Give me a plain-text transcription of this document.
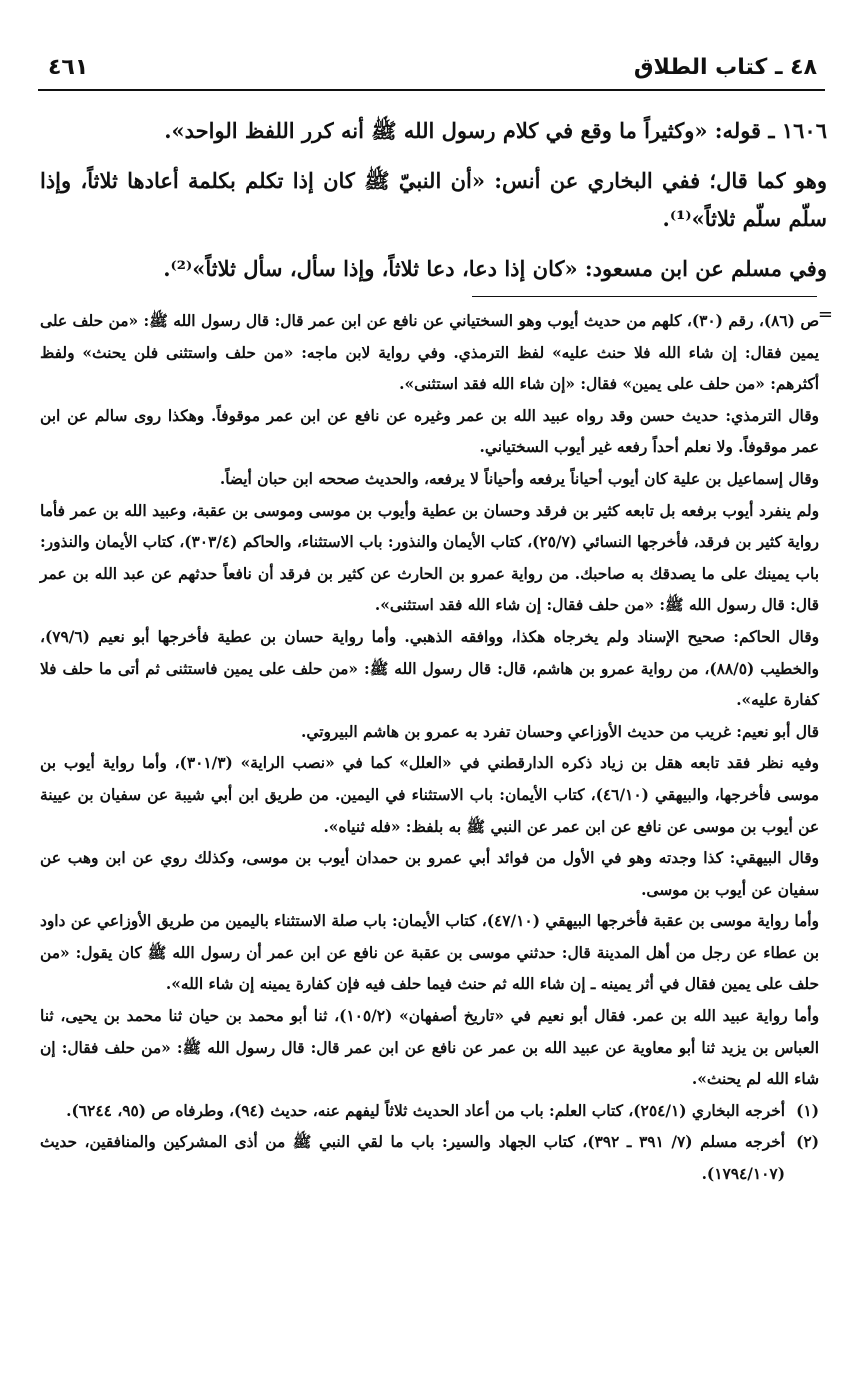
٤٨ ـ كتاب الطلاق
٤٦١

١٦٠٦ ـ قوله: «وكثيراً ما وقع في كلام رسول الله ﷺ أنه كرر اللفظ الواحد».

وهو كما قال؛ ففي البخاري عن أنس: «أن النبيّ ﷺ كان إذا تكلم بكلمة أعادها ثلاثاً، وإذا سلّم سلّم ثلاثاً»⁽¹⁾.

وفي مسلم عن ابن مسعود: «كان إذا دعا، دعا ثلاثاً، وإذا سأل، سأل ثلاثاً»⁽²⁾.

=

ص (٨٦)، رقم (٣٠)، كلهم من حديث أيوب وهو السختياني عن نافع عن ابن عمر قال: قال رسول الله ﷺ: «من حلف على يمين فقال: إن شاء الله فلا حنث عليه» لفظ الترمذي. وفي رواية لابن ماجه: «من حلف واستثنى فلن يحنث» ولفظ أكثرهم: «من حلف على يمين» فقال: «إن شاء الله فقد استثنى».

وقال الترمذي: حديث حسن وقد رواه عبيد الله بن عمر وغيره عن نافع عن ابن عمر موقوفاً. وهكذا روى سالم عن ابن عمر موقوفاً. ولا نعلم أحداً رفعه غير أيوب السختياني.

وقال إسماعيل بن علية كان أيوب أحياناً يرفعه وأحياناً لا يرفعه، والحديث صححه ابن حبان أيضاً.

ولم ينفرد أيوب برفعه بل تابعه كثير بن فرقد وحسان بن عطية وأيوب بن موسى وموسى بن عقبة، وعبيد الله بن عمر فأما رواية كثير بن فرقد، فأخرجها النسائي (٢٥/٧)، كتاب الأيمان والنذور: باب الاستثناء، والحاكم (٣٠٣/٤)، كتاب الأيمان والنذور: باب يمينك على ما يصدقك به صاحبك. من رواية عمرو بن الحارث عن كثير بن فرقد أن نافعاً حدثهم عن عبد الله بن عمر قال: قال رسول الله ﷺ: «من حلف فقال: إن شاء الله فقد استثنى».

وقال الحاكم: صحيح الإسناد ولم يخرجاه هكذا، ووافقه الذهبي. وأما رواية حسان بن عطية فأخرجها أبو نعيم (٧٩/٦)، والخطيب (٨٨/٥)، من رواية عمرو بن هاشم، قال: قال رسول الله ﷺ: «من حلف على يمين فاستثنى ثم أتى ما حلف فلا كفارة عليه».

قال أبو نعيم: غريب من حديث الأوزاعي وحسان تفرد به عمرو بن هاشم البيروتي.

وفيه نظر فقد تابعه هقل بن زياد ذكره الدارقطني في «العلل» كما في «نصب الراية» (٣٠١/٣)، وأما رواية أيوب بن موسى فأخرجها، والبيهقي (٤٦/١٠)، كتاب الأيمان: باب الاستثناء في اليمين. من طريق ابن أبي شيبة عن سفيان بن عيينة عن أيوب بن موسى عن نافع عن ابن عمر عن النبي ﷺ به بلفظ: «فله ثنياه».

وقال البيهقي: كذا وجدته وهو في الأول من فوائد أبي عمرو بن حمدان أيوب بن موسى، وكذلك روي عن ابن وهب عن سفيان عن أيوب بن موسى.

وأما رواية موسى بن عقبة فأخرجها البيهقي (٤٧/١٠)، كتاب الأيمان: باب صلة الاستثناء باليمين من طريق الأوزاعي عن داود بن عطاء عن رجل من أهل المدينة قال: حدثني موسى بن عقبة عن نافع عن ابن عمر أن رسول الله ﷺ كان يقول: «من حلف على يمين فقال في أثر يمينه ـ إن شاء الله ثم حنث فيما حلف فيه فإن كفارة يمينه إن شاء الله».

وأما رواية عبيد الله بن عمر. فقال أبو نعيم في «تاريخ أصفهان» (١٠٥/٢)، ثنا أبو محمد بن حيان ثنا محمد بن يحيى، ثنا العباس بن يزيد ثنا أبو معاوية عن عبيد الله بن عمر عن نافع عن ابن عمر قال: قال رسول الله ﷺ: «من حلف فقال: إن شاء الله لم يحنث».

(١)
أخرجه البخاري (٢٥٤/١)، كتاب العلم: باب من أعاد الحديث ثلاثاً ليفهم عنه، حديث (٩٤)، وطرفاه ص (٩٥، ٦٢٤٤).

(٢)
أخرجه مسلم (٧/ ٣٩١ ـ ٣٩٢)، كتاب الجهاد والسير: باب ما لقي النبي ﷺ من أذى المشركين والمنافقين، حديث (١٧٩٤/١٠٧).
